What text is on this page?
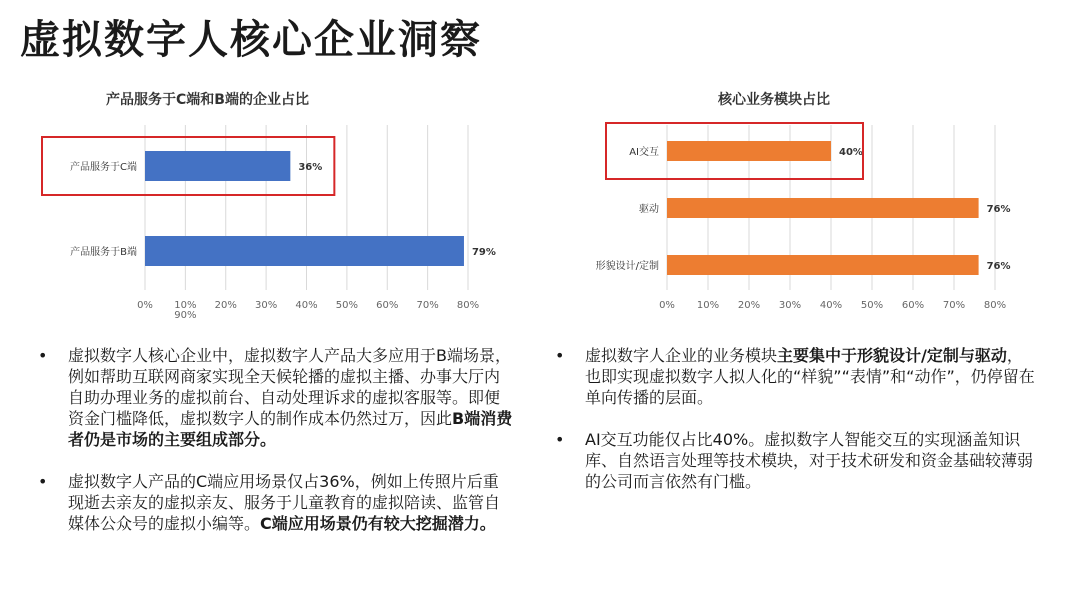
虚拟数字人核心企业洞察
产品服务于C端和B端的企业占比
0% 10% 20% 30% 40% 50% 60% 70% 80%
90%
产品服务于C端	36%
产品服务于B端	79%
核心业务模块占比
0% 10% 20% 30% 40% 50% 60% 70% 80%
AI交互	40%
驱动	76%
形貌设计/定制	76%
• 虚拟数字人核心企业中，虚拟数字人产品大多应用于B端场景，例如帮助互联网商家实现全天候轮播的虚拟主播、办事大厅内自助办理业务的虚拟前台、自动处理诉求的虚拟客服等。即便资金门槛降低，虚拟数字人的制作成本仍然过万，因此B端消费者仍是市场的主要组成部分。
• 虚拟数字人产品的C端应用场景仅占36%，例如上传照片后重现逝去亲友的虚拟亲友、服务于儿童教育的虚拟陪读、监管自媒体公众号的虚拟小编等。C端应用场景仍有较大挖掘潜力。
• 虚拟数字人企业的业务模块主要集中于形貌设计/定制与驱动，也即实现虚拟数字人拟人化的“样貌”“表情”和“动作”，仍停留在单向传播的层面。
• AI交互功能仅占比40%。虚拟数字人智能交互的实现涵盖知识库、自然语言处理等技术模块，对于技术研发和资金基础较薄弱的公司而言依然有门槛。
